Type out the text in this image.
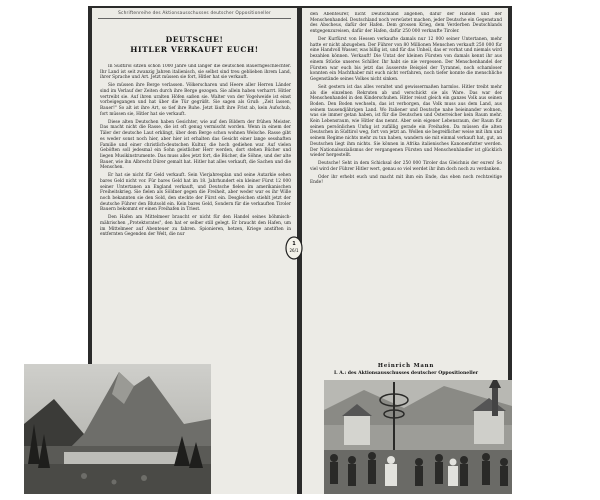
Schriftenreihe des Aktionsausschusses deutscher Oppositioneller
DEUTSCHE!
HITLER VERKAUFT EUCH!

In Südtirol sitzen schon 1000 Jahre und länger die deutschen Bauerngeschlechter. Ihr Land ist seit zwanzig Jahren italienisch, sie selbst sind treu geblieben ihrem Land, ihrer Sprache und Art. Jetzt müssen sie fort, Hitler hat sie verkauft.

Sie müssen ihre Berge verlassen. Völkerscharen und Heere aller Herren Länder sind im Verlauf der Zeiten durch ihre Berge gezogen. Sie allein haben verharrt. Hitler vertreibt sie. Auf ihren uralten Höfen saßen sie. Walter von der Vogelweide ist einst vorbeigegangen und hat über die Tür gegrüßt. Sie sagen als Gruß: „Zeit lassen, Bauer!" So alt ist ihre Art, so tief ihre Ruhe. Jetzt läuft ihre Frist ab, kein Aufschub, fort müssen sie, Hitler hat sie verkauft.

Diese alten Deutschen haben Gesichter, wie auf den Bildern der frühen Meister. Das macht nicht die Rasse, die ist oft genug vermischt worden. Wenn in einem der Täler der deutsche Laut erklingt, über dem Berge schon wohnen Welsche. Rasse gibt es weder sonst noch hier, aber hier ist erhalten das Gesicht einer lange sesshaften Familie und einer christlich-deutschen Kultur, die hoch gediehen war. Auf vielen Geböften soll jedesmal ein Sohn geistlicher Herr werden, dort stehen Bücher und liegen Musikinstrumente. Das muss alles jetzt fort, die Bücher, die Söhne, und der alte Bauer, wie ihn Albrecht Dürer gemalt hat. Hitler hat alles verkauft, die Sachen und die Menschen.

Er hat sie nicht für Geld verkauft. Sein Vierjahresplan und seine Autarkie sehen bares Geld nicht vor. Für bares Geld hat im 18. Jahrhundert ein kleiner Fürst 12 000 seiner Untertanen an England verkauft, und Deutsche fielen im amerikanischen Freiheitskrieg. Sie fielen als Söldner gegen die Freiheit, aber weder war es ihr Wille noch bekannten sie den Sold, den steckte der Fürst ein. Desgleichen stiehlt jetzt der deutsche Führer den Blutsold ein. Kein bares Geld, Sondern für die verkauften Tiroler Bauern bekommt er einen Freihafen in Triest.

Den Hafen am Mittelmeer braucht er nicht für den Handel seines böhmisch-mährischen „Protektorates", den hat er selber still gelegt. Er braucht den Hafen, um im Mittelmeer auf Abenteuer zu fahren. Spionieren, hetzen, Kriege anstiften in entfernten Gegenden der Welt, die nur

den Abenteurer, nicht Deutschland angehen, dafür der Handel und der Menschenhandel. Deutschland noch verwüstet machen, jeder Deutsche ein Gegenstand des Abscheus, dafür der Hafen. Dem grossen Krieg, dem Verderben Deutschlands entgegenzureisen, dafür der Hafen, dafür 250 000 verkaufte Tiroler.

Der Kurfürst von Hessen verkaufte damals nur 12 000 seiner Untertanen, mehr hatte er nicht abzugeben. Der Führer von 80 Millionen Menschen verkauft 250 000 für eine Handvoll Wasser, was billig ist, und für das Unheil, das er vorhat und niemals wird bezahlen können. Verkauft! Die Untat der kleinen Fürsten von damals kennt ihr aus einem Stücke unseres Schiller. Ihr habt sie nie vergessen. Der Menschenhandel der Fürsten war euch bis jetzt das äusserste Beispiel der Tyrannei, noch schamloser konnten ein Machthaber mit euch nicht verfahren, noch tiefer konnte die menschliche Gegenstände seines Volkes nicht sinken.

Seit gestern ist das alles veraltet und gewissermaßen harmlos. Hitler treibt mehr als die einzelnen Rekruten ab und verschickt sie als Ware. Das war der Menschenhandel in den Kinderschuhen. Hitler reisst gleich ein ganzes Volk aus seinen Boden. Den Boden wechseln, das ist verborgen, das Volk muss aus dem Land, aus seinem tausendjährigen Land. Wo Italiener und Deutsche nahe beieinander wohnen, was sie immer getan haben, ist für die Deutschen und Österreicher kein Raum mehr. Kein Lebensraum, wie Hitler das nennt. Aber sein eigener Lebensraum, der Raum für seinen persönlichen Unfug ist zufällig gerade ein Freihafen. Da müssen die alten Deutschen in Südtirol weg, fort von jetzt an. Wollen sie begreiflicher weise mit ihm und seinem Regime nichts mehr zu tun haben, wandern sie mit einmal verkauft hat, gut, an Deutschen liegt ihm nichts. Sie können in Afrika italienisches Kanonenfutter werden. Der Nationalsozialismus der vergangenen Fürsten und Menschenhändler ist glücklich wieder hergestellt.

Deutsche! Seht in dem Schicksal der 250 000 Tiroler das Gleichnis der euren! So viel wird der Führer Hitler wert, genau so viel werdet ihr ihm doch noch zu verdanken.

Oder ihr erhebt euch und macht mit ihm ein Ende, das eben noch rechtzeitige Ende!

Heinrich Mann
I. A.: des Aktionsausschusses deutscher Oppositioneller
1
26/1
